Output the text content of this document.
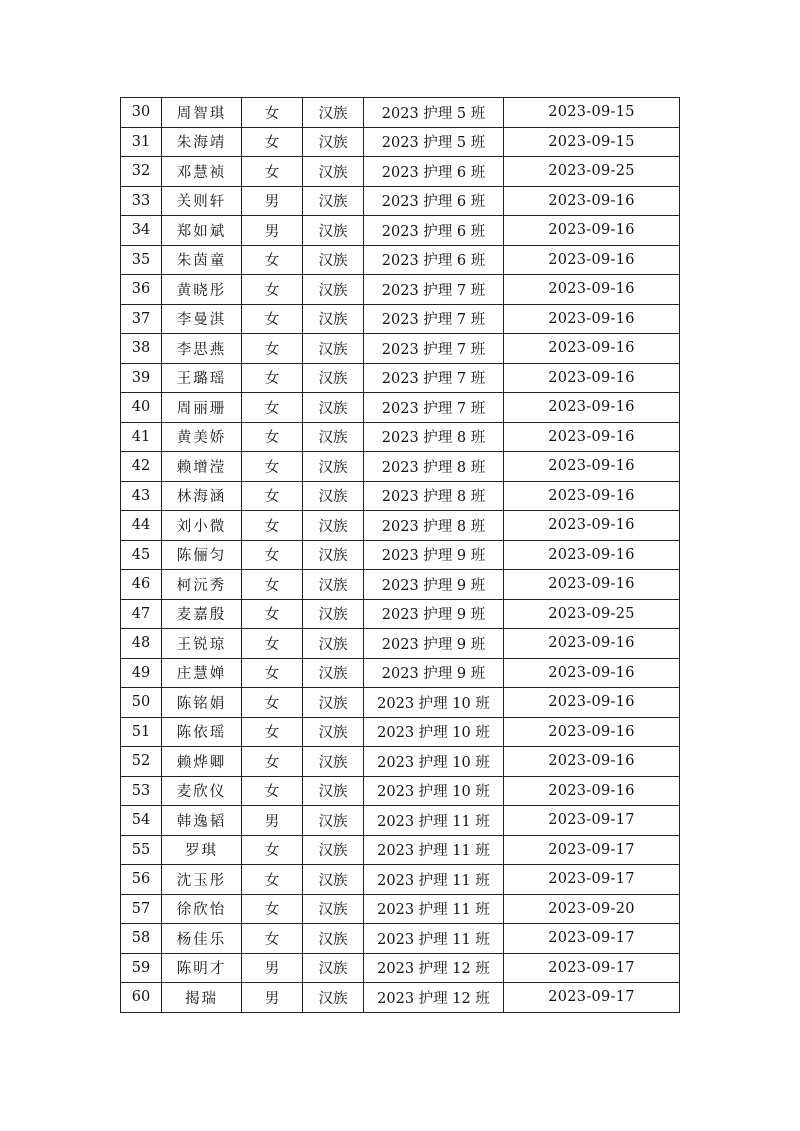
30	周智琪	女	汉族	2023 护理 5 班	2023-09-15
31	朱海靖	女	汉族	2023 护理 5 班	2023-09-15
32	邓慧祯	女	汉族	2023 护理 6 班	2023-09-25
33	关则轩	男	汉族	2023 护理 6 班	2023-09-16
34	郑如斌	男	汉族	2023 护理 6 班	2023-09-16
35	朱茵童	女	汉族	2023 护理 6 班	2023-09-16
36	黄晓彤	女	汉族	2023 护理 7 班	2023-09-16
37	李曼淇	女	汉族	2023 护理 7 班	2023-09-16
38	李思燕	女	汉族	2023 护理 7 班	2023-09-16
39	王璐瑶	女	汉族	2023 护理 7 班	2023-09-16
40	周丽珊	女	汉族	2023 护理 7 班	2023-09-16
41	黄美娇	女	汉族	2023 护理 8 班	2023-09-16
42	赖增滢	女	汉族	2023 护理 8 班	2023-09-16
43	林海涵	女	汉族	2023 护理 8 班	2023-09-16
44	刘小微	女	汉族	2023 护理 8 班	2023-09-16
45	陈俪匀	女	汉族	2023 护理 9 班	2023-09-16
46	柯沅秀	女	汉族	2023 护理 9 班	2023-09-16
47	麦嘉殷	女	汉族	2023 护理 9 班	2023-09-25
48	王锐琼	女	汉族	2023 护理 9 班	2023-09-16
49	庄慧婵	女	汉族	2023 护理 9 班	2023-09-16
50	陈铭娟	女	汉族	2023 护理 10 班	2023-09-16
51	陈依瑶	女	汉族	2023 护理 10 班	2023-09-16
52	赖烨卿	女	汉族	2023 护理 10 班	2023-09-16
53	麦欣仪	女	汉族	2023 护理 10 班	2023-09-16
54	韩逸韬	男	汉族	2023 护理 11 班	2023-09-17
55	罗琪	女	汉族	2023 护理 11 班	2023-09-17
56	沈玉彤	女	汉族	2023 护理 11 班	2023-09-17
57	徐欣怡	女	汉族	2023 护理 11 班	2023-09-20
58	杨佳乐	女	汉族	2023 护理 11 班	2023-09-17
59	陈明才	男	汉族	2023 护理 12 班	2023-09-17
60	揭瑞	男	汉族	2023 护理 12 班	2023-09-17
